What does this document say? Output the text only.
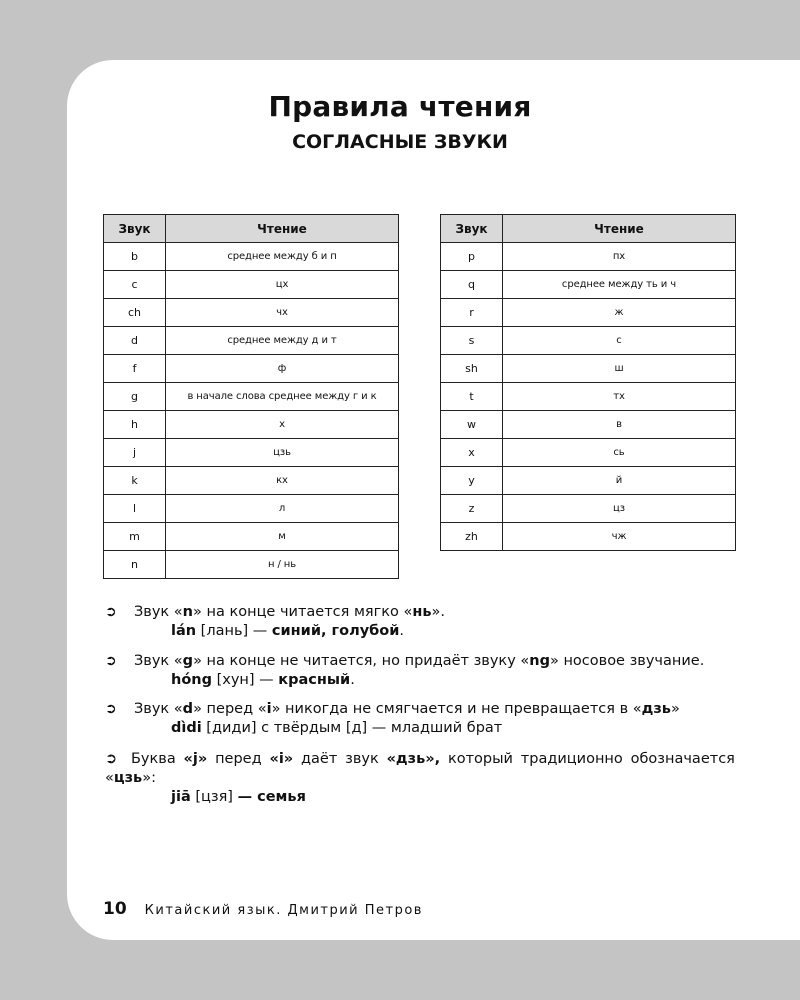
Правила чтения
СОГЛАСНЫЕ ЗВУКИ
Звук	Чтение
b	среднее между б и п
c	цх
ch	чх
d	среднее между д и т
f	ф
g	в начале слова среднее между г и к
h	х
j	цзь
k	кх
l	л
m	м
n	н / нь
Звук	Чтение
p	пх
q	среднее между ть и ч
r	ж
s	с
sh	ш
t	тх
w	в
x	сь
y	й
z	цз
zh	чж
➲	Звук «n» на конце читается мягко «нь».
lán [лань] — синий, голубой.
➲	Звук «g» на конце не читается, но придаёт звуку «ng» носовое звучание.
hóng [хун] — красный.
➲	Звук «d» перед «i» никогда не смягчается и не превращается в «дзь»
dìdi [диди] с твёрдым [д] — младший брат
➲ Буква «j» перед «i» даёт звук «дзь», который традиционно обозначается
«цзь»:
jiā [цзя] — семья
10 Китайский язык. Дмитрий Петров
